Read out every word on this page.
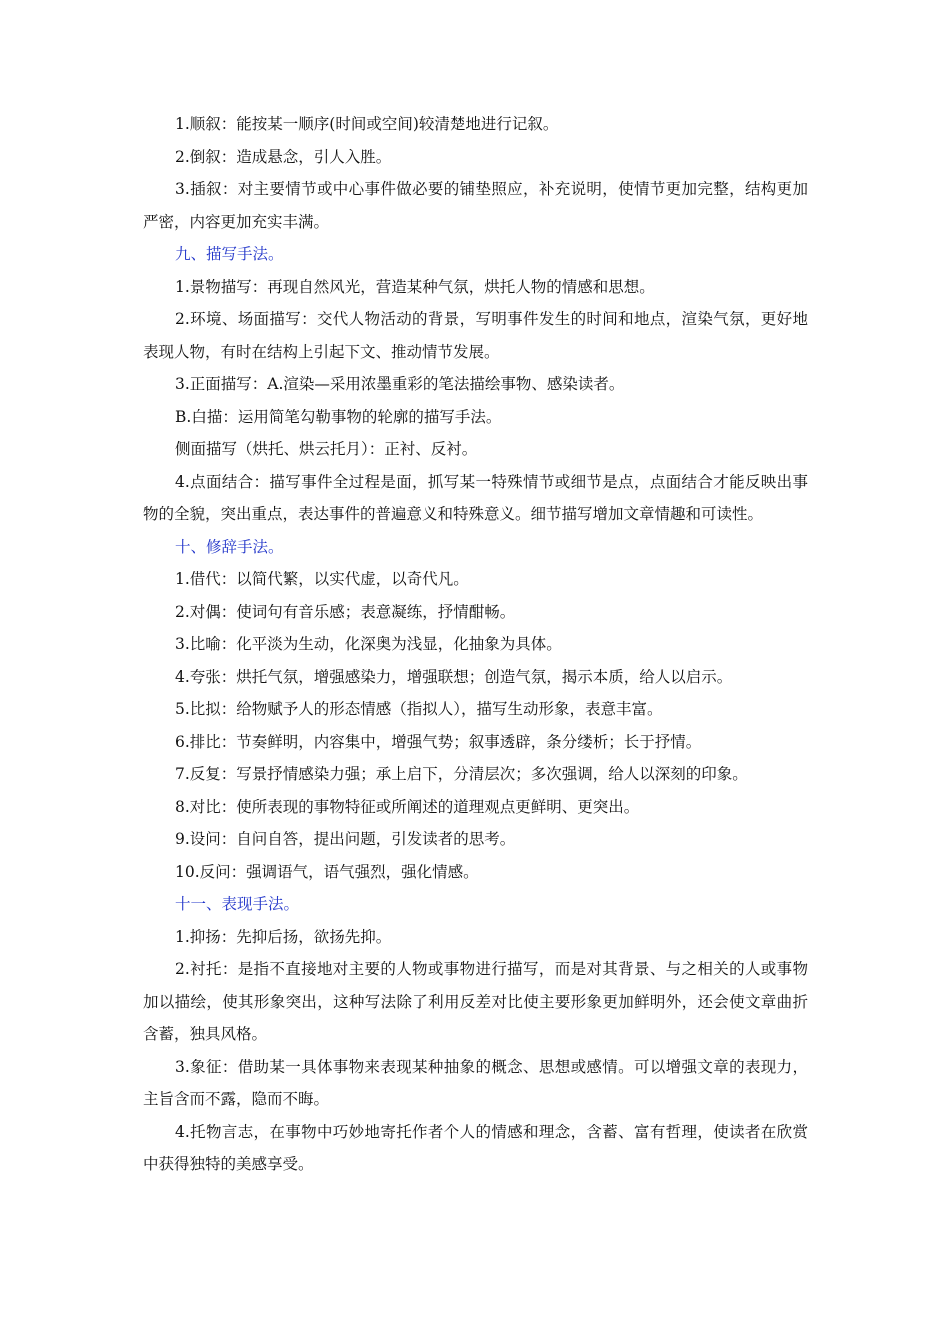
1.顺叙：能按某一顺序(时间或空间)较清楚地进行记叙。

2.倒叙：造成悬念，引人入胜。

3.插叙：对主要情节或中心事件做必要的铺垫照应，补充说明，使情节更加完整，结构更加严密，内容更加充实丰满。

九、描写手法。

1.景物描写：再现自然风光，营造某种气氛，烘托人物的情感和思想。

2.环境、场面描写：交代人物活动的背景，写明事件发生的时间和地点，渲染气氛，更好地表现人物，有时在结构上引起下文、推动情节发展。

3.正面描写：A.渲染—采用浓墨重彩的笔法描绘事物、感染读者。

B.白描：运用简笔勾勒事物的轮廓的描写手法。

侧面描写（烘托、烘云托月）：正衬、反衬。

4.点面结合：描写事件全过程是面，抓写某一特殊情节或细节是点，点面结合才能反映出事物的全貌，突出重点，表达事件的普遍意义和特殊意义。细节描写增加文章情趣和可读性。

十、修辞手法。

1.借代：以简代繁，以实代虚，以奇代凡。

2.对偶：使词句有音乐感；表意凝练，抒情酣畅。

3.比喻：化平淡为生动，化深奥为浅显，化抽象为具体。

4.夸张：烘托气氛，增强感染力，增强联想；创造气氛，揭示本质，给人以启示。

5.比拟：给物赋予人的形态情感（指拟人），描写生动形象，表意丰富。

6.排比：节奏鲜明，内容集中，增强气势；叙事透辟，条分缕析；长于抒情。

7.反复：写景抒情感染力强；承上启下，分清层次；多次强调，给人以深刻的印象。

8.对比：使所表现的事物特征或所阐述的道理观点更鲜明、更突出。

9.设问：自问自答，提出问题，引发读者的思考。

10.反问：强调语气，语气强烈，强化情感。

十一、表现手法。

1.抑扬：先抑后扬，欲扬先抑。

2.衬托：是指不直接地对主要的人物或事物进行描写，而是对其背景、与之相关的人或事物加以描绘，使其形象突出，这种写法除了利用反差对比使主要形象更加鲜明外，还会使文章曲折含蓄，独具风格。

3.象征：借助某一具体事物来表现某种抽象的概念、思想或感情。可以增强文章的表现力，主旨含而不露，隐而不晦。

4.托物言志，在事物中巧妙地寄托作者个人的情感和理念，含蓄、富有哲理，使读者在欣赏中获得独特的美感享受。
